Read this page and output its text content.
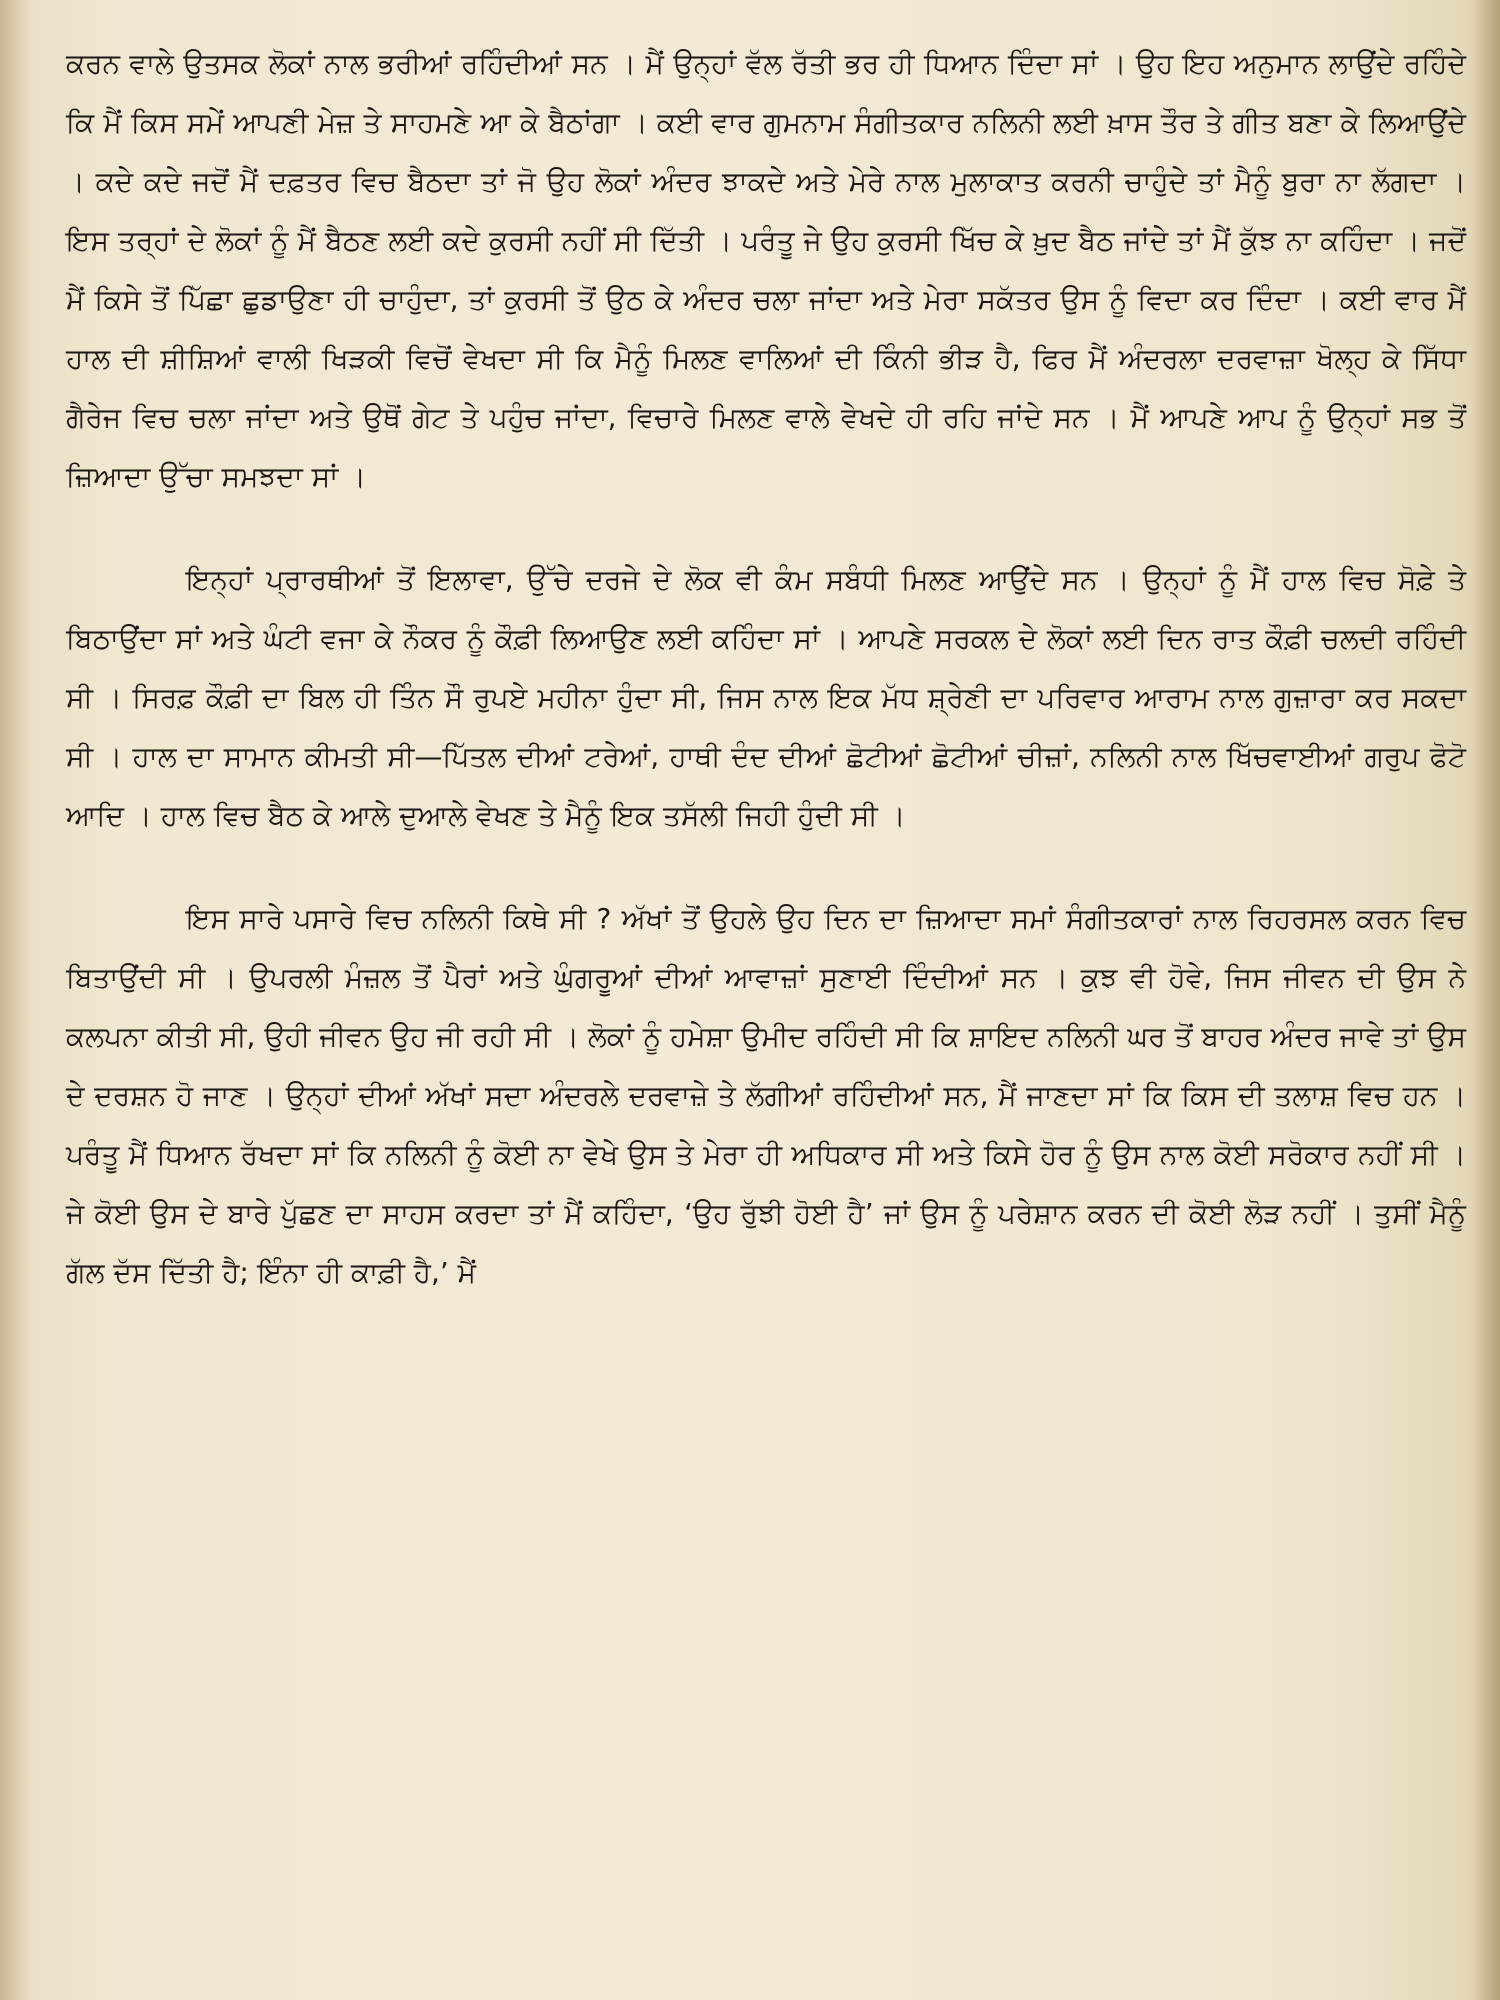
ਕਰਨ ਵਾਲੇ ਉਤਸਕ ਲੋਕਾਂ ਨਾਲ ਭਰੀਆਂ ਰਹਿੰਦੀਆਂ ਸਨ । ਮੈਂ ਉਨ੍ਹਾਂ ਵੱਲ ਰੱਤੀ ਭਰ ਹੀ ਧਿਆਨ ਦਿੰਦਾ ਸਾਂ । ਉਹ ਇਹ ਅਨੁਮਾਨ ਲਾਉਂਦੇ ਰਹਿੰਦੇ ਕਿ ਮੈਂ ਕਿਸ ਸਮੇਂ ਆਪਣੀ ਮੇਜ਼ ਤੇ ਸਾਹਮਣੇ ਆ ਕੇ ਬੈਠਾਂਗਾ । ਕਈ ਵਾਰ ਗੁਮਨਾਮ ਸੰਗੀਤਕਾਰ ਨਲਿਨੀ ਲਈ ਖ਼ਾਸ ਤੌਰ ਤੇ ਗੀਤ ਬਣਾ ਕੇ ਲਿਆਉਂਦੇ । ਕਦੇ ਕਦੇ ਜਦੋਂ ਮੈਂ ਦਫ਼ਤਰ ਵਿਚ ਬੈਠਦਾ ਤਾਂ ਜੋ ਉਹ ਲੋਕਾਂ ਅੰਦਰ ਝਾਕਦੇ ਅਤੇ ਮੇਰੇ ਨਾਲ ਮੁਲਾਕਾਤ ਕਰਨੀ ਚਾਹੁੰਦੇ ਤਾਂ ਮੈਨੂੰ ਬੁਰਾ ਨਾ ਲੱਗਦਾ । ਇਸ ਤਰ੍ਹਾਂ ਦੇ ਲੋਕਾਂ ਨੂੰ ਮੈਂ ਬੈਠਣ ਲਈ ਕਦੇ ਕੁਰਸੀ ਨਹੀਂ ਸੀ ਦਿੱਤੀ । ਪਰੰਤੂ ਜੇ ਉਹ ਕੁਰਸੀ ਖਿੱਚ ਕੇ ਖ਼ੁਦ ਬੈਠ ਜਾਂਦੇ ਤਾਂ ਮੈਂ ਕੁੱਝ ਨਾ ਕਹਿੰਦਾ । ਜਦੋਂ ਮੈਂ ਕਿਸੇ ਤੋਂ ਪਿੱਛਾ ਛੁਡਾਉਣਾ ਹੀ ਚਾਹੁੰਦਾ, ਤਾਂ ਕੁਰਸੀ ਤੋਂ ਉਠ ਕੇ ਅੰਦਰ ਚਲਾ ਜਾਂਦਾ ਅਤੇ ਮੇਰਾ ਸਕੱਤਰ ਉਸ ਨੂੰ ਵਿਦਾ ਕਰ ਦਿੰਦਾ । ਕਈ ਵਾਰ ਮੈਂ ਹਾਲ ਦੀ ਸ਼ੀਸ਼ਿਆਂ ਵਾਲੀ ਖਿੜਕੀ ਵਿਚੋਂ ਵੇਖਦਾ ਸੀ ਕਿ ਮੈਨੂੰ ਮਿਲਣ ਵਾਲਿਆਂ ਦੀ ਕਿੰਨੀ ਭੀੜ ਹੈ, ਫਿਰ ਮੈਂ ਅੰਦਰਲਾ ਦਰਵਾਜ਼ਾ ਖੋਲ੍ਹ ਕੇ ਸਿੱਧਾ ਗੈਰੇਜ ਵਿਚ ਚਲਾ ਜਾਂਦਾ ਅਤੇ ਉਥੋਂ ਗੇਟ ਤੇ ਪਹੁੰਚ ਜਾਂਦਾ, ਵਿਚਾਰੇ ਮਿਲਣ ਵਾਲੇ ਵੇਖਦੇ ਹੀ ਰਹਿ ਜਾਂਦੇ ਸਨ । ਮੈਂ ਆਪਣੇ ਆਪ ਨੂੰ ਉਨ੍ਹਾਂ ਸਭ ਤੋਂ ਜ਼ਿਆਦਾ ਉੱਚਾ ਸਮਝਦਾ ਸਾਂ ।

ਇਨ੍ਹਾਂ ਪ੍ਰਾਰਥੀਆਂ ਤੋਂ ਇਲਾਵਾ, ਉੱਚੇ ਦਰਜੇ ਦੇ ਲੋਕ ਵੀ ਕੰਮ ਸਬੰਧੀ ਮਿਲਣ ਆਉਂਦੇ ਸਨ । ਉਨ੍ਹਾਂ ਨੂੰ ਮੈਂ ਹਾਲ ਵਿਚ ਸੋਫ਼ੇ ਤੇ ਬਿਠਾਉਂਦਾ ਸਾਂ ਅਤੇ ਘੰਟੀ ਵਜਾ ਕੇ ਨੌਕਰ ਨੂੰ ਕੌਫ਼ੀ ਲਿਆਉਣ ਲਈ ਕਹਿੰਦਾ ਸਾਂ । ਆਪਣੇ ਸਰਕਲ ਦੇ ਲੋਕਾਂ ਲਈ ਦਿਨ ਰਾਤ ਕੌਫ਼ੀ ਚਲਦੀ ਰਹਿੰਦੀ ਸੀ । ਸਿਰਫ਼ ਕੌਫ਼ੀ ਦਾ ਬਿਲ ਹੀ ਤਿੰਨ ਸੌ ਰੁਪਏ ਮਹੀਨਾ ਹੁੰਦਾ ਸੀ, ਜਿਸ ਨਾਲ ਇਕ ਮੱਧ ਸ਼੍ਰੇਣੀ ਦਾ ਪਰਿਵਾਰ ਆਰਾਮ ਨਾਲ ਗੁਜ਼ਾਰਾ ਕਰ ਸਕਦਾ ਸੀ । ਹਾਲ ਦਾ ਸਾਮਾਨ ਕੀਮਤੀ ਸੀ—ਪਿੱਤਲ ਦੀਆਂ ਟਰੇਆਂ, ਹਾਥੀ ਦੰਦ ਦੀਆਂ ਛੋਟੀਆਂ ਛੋਟੀਆਂ ਚੀਜ਼ਾਂ, ਨਲਿਨੀ ਨਾਲ ਖਿੱਚਵਾਈਆਂ ਗਰੁਪ ਫੋਟੋ ਆਦਿ । ਹਾਲ ਵਿਚ ਬੈਠ ਕੇ ਆਲੇ ਦੁਆਲੇ ਵੇਖਣ ਤੇ ਮੈਨੂੰ ਇਕ ਤਸੱਲੀ ਜਿਹੀ ਹੁੰਦੀ ਸੀ ।

ਇਸ ਸਾਰੇ ਪਸਾਰੇ ਵਿਚ ਨਲਿਨੀ ਕਿਥੇ ਸੀ ? ਅੱਖਾਂ ਤੋਂ ਉਹਲੇ ਉਹ ਦਿਨ ਦਾ ਜ਼ਿਆਦਾ ਸਮਾਂ ਸੰਗੀਤਕਾਰਾਂ ਨਾਲ ਰਿਹਰਸਲ ਕਰਨ ਵਿਚ ਬਿਤਾਉਂਦੀ ਸੀ । ਉਪਰਲੀ ਮੰਜ਼ਲ ਤੋਂ ਪੈਰਾਂ ਅਤੇ ਘੁੰਗਰੂਆਂ ਦੀਆਂ ਆਵਾਜ਼ਾਂ ਸੁਣਾਈ ਦਿੰਦੀਆਂ ਸਨ । ਕੁਝ ਵੀ ਹੋਵੇ, ਜਿਸ ਜੀਵਨ ਦੀ ਉਸ ਨੇ ਕਲਪਨਾ ਕੀਤੀ ਸੀ, ਉਹੀ ਜੀਵਨ ਉਹ ਜੀ ਰਹੀ ਸੀ । ਲੋਕਾਂ ਨੂੰ ਹਮੇਸ਼ਾ ਉਮੀਦ ਰਹਿੰਦੀ ਸੀ ਕਿ ਸ਼ਾਇਦ ਨਲਿਨੀ ਘਰ ਤੋਂ ਬਾਹਰ ਅੰਦਰ ਜਾਵੇ ਤਾਂ ਉਸ ਦੇ ਦਰਸ਼ਨ ਹੋ ਜਾਣ । ਉਨ੍ਹਾਂ ਦੀਆਂ ਅੱਖਾਂ ਸਦਾ ਅੰਦਰਲੇ ਦਰਵਾਜ਼ੇ ਤੇ ਲੱਗੀਆਂ ਰਹਿੰਦੀਆਂ ਸਨ, ਮੈਂ ਜਾਣਦਾ ਸਾਂ ਕਿ ਕਿਸ ਦੀ ਤਲਾਸ਼ ਵਿਚ ਹਨ । ਪਰੰਤੂ ਮੈਂ ਧਿਆਨ ਰੱਖਦਾ ਸਾਂ ਕਿ ਨਲਿਨੀ ਨੂੰ ਕੋਈ ਨਾ ਵੇਖੇ ਉਸ ਤੇ ਮੇਰਾ ਹੀ ਅਧਿਕਾਰ ਸੀ ਅਤੇ ਕਿਸੇ ਹੋਰ ਨੂੰ ਉਸ ਨਾਲ ਕੋਈ ਸਰੋਕਾਰ ਨਹੀਂ ਸੀ । ਜੇ ਕੋਈ ਉਸ ਦੇ ਬਾਰੇ ਪੁੱਛਣ ਦਾ ਸਾਹਸ ਕਰਦਾ ਤਾਂ ਮੈਂ ਕਹਿੰਦਾ, ‘ਉਹ ਰੁੱਝੀ ਹੋਈ ਹੈ’ ਜਾਂ ਉਸ ਨੂੰ ਪਰੇਸ਼ਾਨ ਕਰਨ ਦੀ ਕੋਈ ਲੋੜ ਨਹੀਂ । ਤੁਸੀਂ ਮੈਨੂੰ ਗੱਲ ਦੱਸ ਦਿੱਤੀ ਹੈ; ਇੰਨਾ ਹੀ ਕਾਫ਼ੀ ਹੈ,’ ਮੈਂ
